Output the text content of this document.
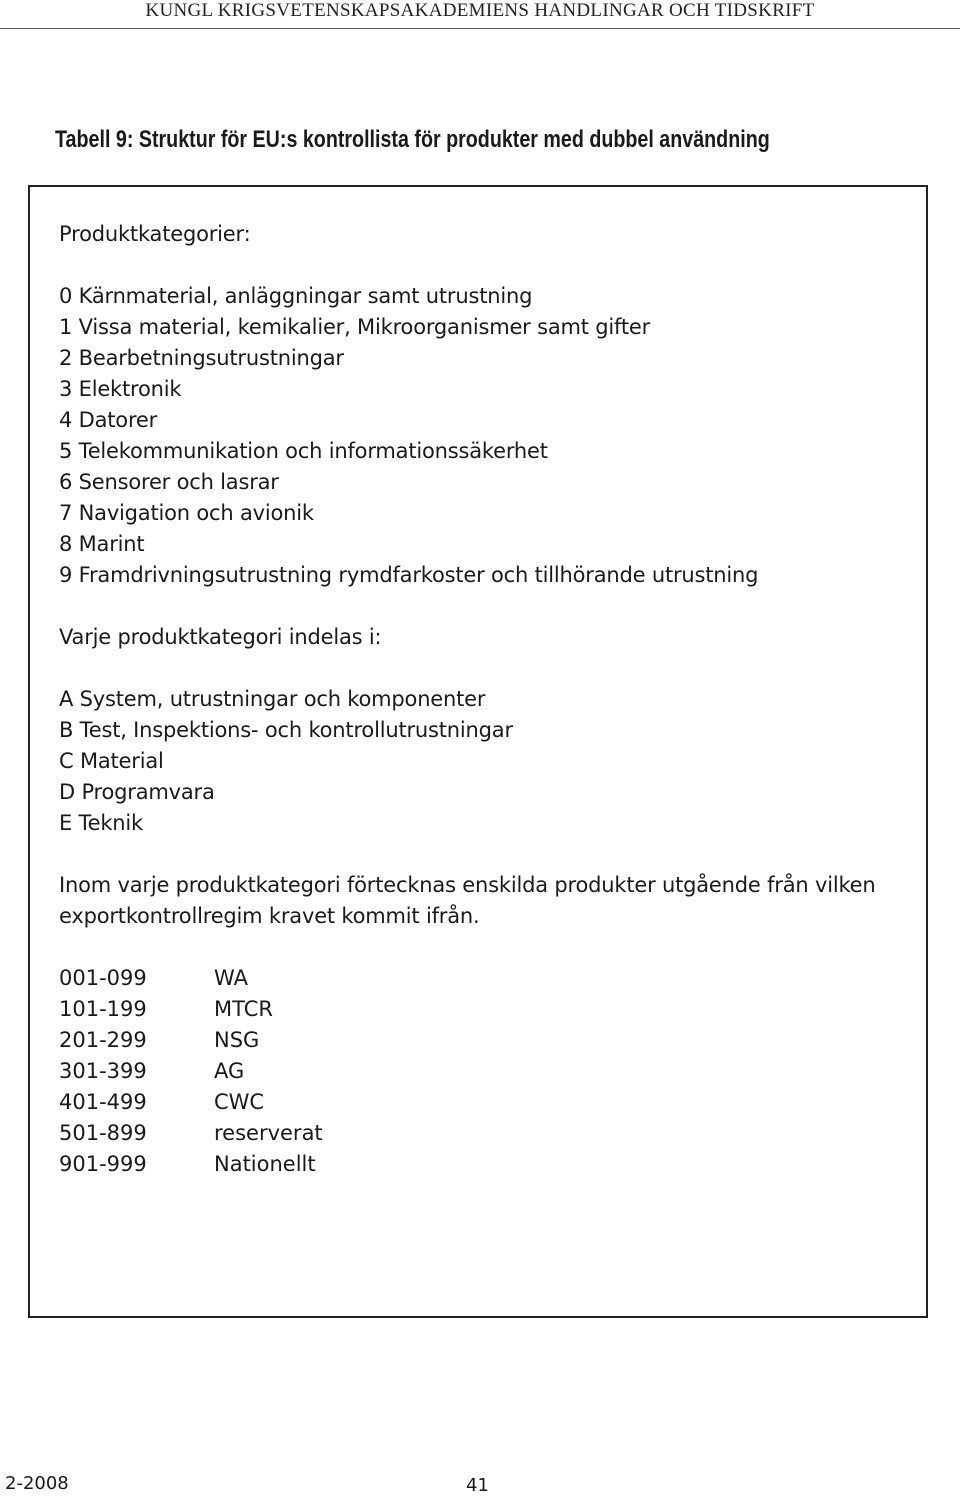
KUNGL KRIGSVETENSKAPSAKADEMIENS HANDLINGAR OCH TIDSKRIFT
Tabell 9: Struktur för EU:s kontrollista för produkter med dubbel användning
Produktkategorier:
0 Kärnmaterial, anläggningar samt utrustning
1 Vissa material, kemikalier, Mikroorganismer samt gifter
2 Bearbetningsutrustningar
3 Elektronik
4 Datorer
5 Telekommunikation och informationssäkerhet
6 Sensorer och lasrar
7 Navigation och avionik
8 Marint
9 Framdrivningsutrustning rymdfarkoster och tillhörande utrustning
Varje produktkategori indelas i:
A System, utrustningar och komponenter
B Test, Inspektions- och kontrollutrustningar
C Material
D Programvara
E Teknik
Inom varje produktkategori förtecknas enskilda produkter utgående från vilken exportkontrollregim kravet kommit ifrån.
001-099	WA
101-199	MTCR
201-299	NSG
301-399	AG
401-499	CWC
501-899	reserverat
901-999	Nationellt
2-2008	41
